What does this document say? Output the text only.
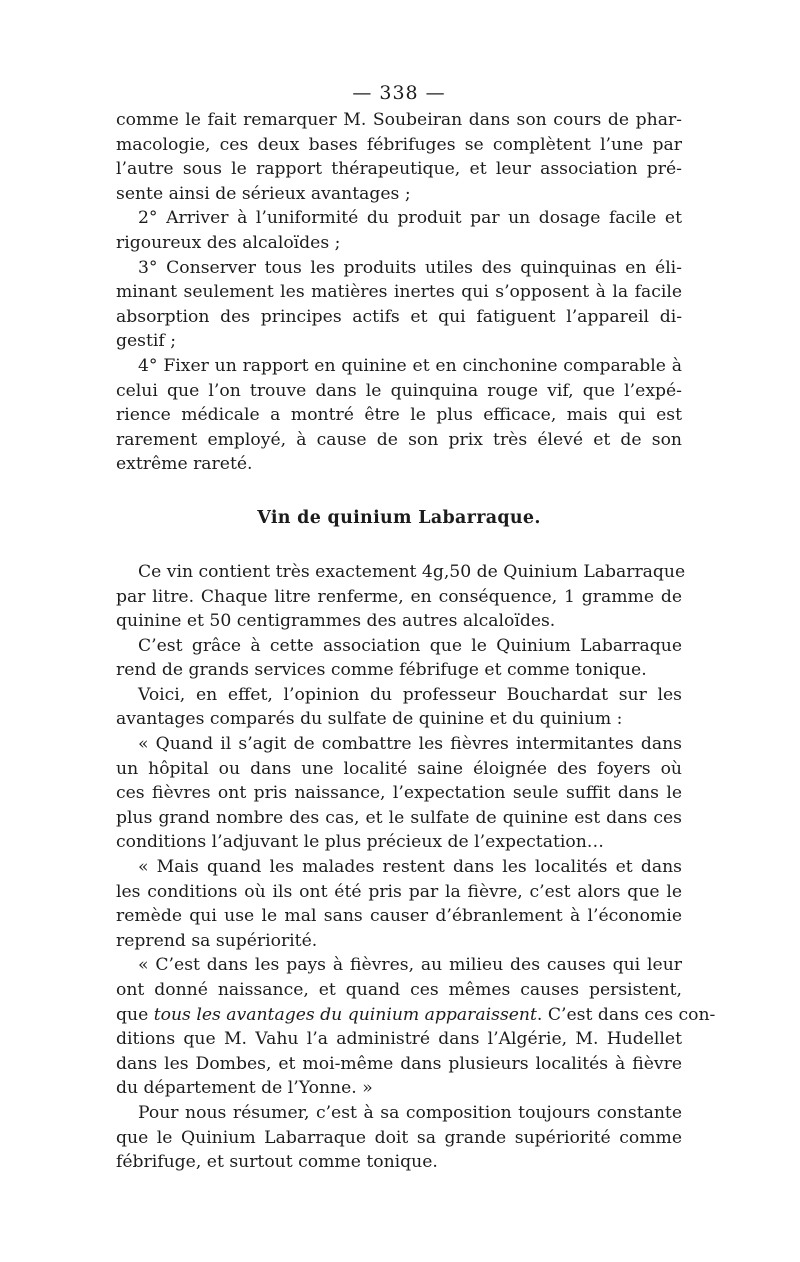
— 338 —
comme le fait remarquer M. Soubeiran dans son cours de phar-
macologie, ces deux bases fébrifuges se complètent l’une par
l’autre sous le rapport thérapeutique, et leur association pré-
sente ainsi de sérieux avantages ;
2° Arriver à l’uniformité du produit par un dosage facile et
rigoureux des alcaloïdes ;
3° Conserver tous les produits utiles des quinquinas en éli-
minant seulement les matières inertes qui s’opposent à la facile
absorption des principes actifs et qui fatiguent l’appareil di-
gestif ;
4° Fixer un rapport en quinine et en cinchonine comparable à
celui que l’on trouve dans le quinquina rouge vif, que l’expé-
rience médicale a montré être le plus efficace, mais qui est
rarement employé, à cause de son prix très élevé et de son
extrême rareté.
Vin de quinium Labarraque.
Ce vin contient très exactement 4g,50 de Quinium Labarraque
par litre. Chaque litre renferme, en conséquence, 1 gramme de
quinine et 50 centigrammes des autres alcaloïdes.
C’est grâce à cette association que le Quinium Labarraque
rend de grands services comme fébrifuge et comme tonique.
Voici, en effet, l’opinion du professeur Bouchardat sur les
avantages comparés du sulfate de quinine et du quinium :
« Quand il s’agit de combattre les fièvres intermitantes dans
un hôpital ou dans une localité saine éloignée des foyers où
ces fièvres ont pris naissance, l’expectation seule suffit dans le
plus grand nombre des cas, et le sulfate de quinine est dans ces
conditions l’adjuvant le plus précieux de l’expectation…
« Mais quand les malades restent dans les localités et dans
les conditions où ils ont été pris par la fièvre, c’est alors que le
remède qui use le mal sans causer d’ébranlement à l’économie
reprend sa supériorité.
« C’est dans les pays à fièvres, au milieu des causes qui leur
ont donné naissance, et quand ces mêmes causes persistent,
que tous les avantages du quinium apparaissent. C’est dans ces con-
ditions que M. Vahu l’a administré dans l’Algérie, M. Hudellet
dans les Dombes, et moi-même dans plusieurs localités à fièvre
du département de l’Yonne. »
Pour nous résumer, c’est à sa composition toujours constante
que le Quinium Labarraque doit sa grande supériorité comme
fébrifuge, et surtout comme tonique.
